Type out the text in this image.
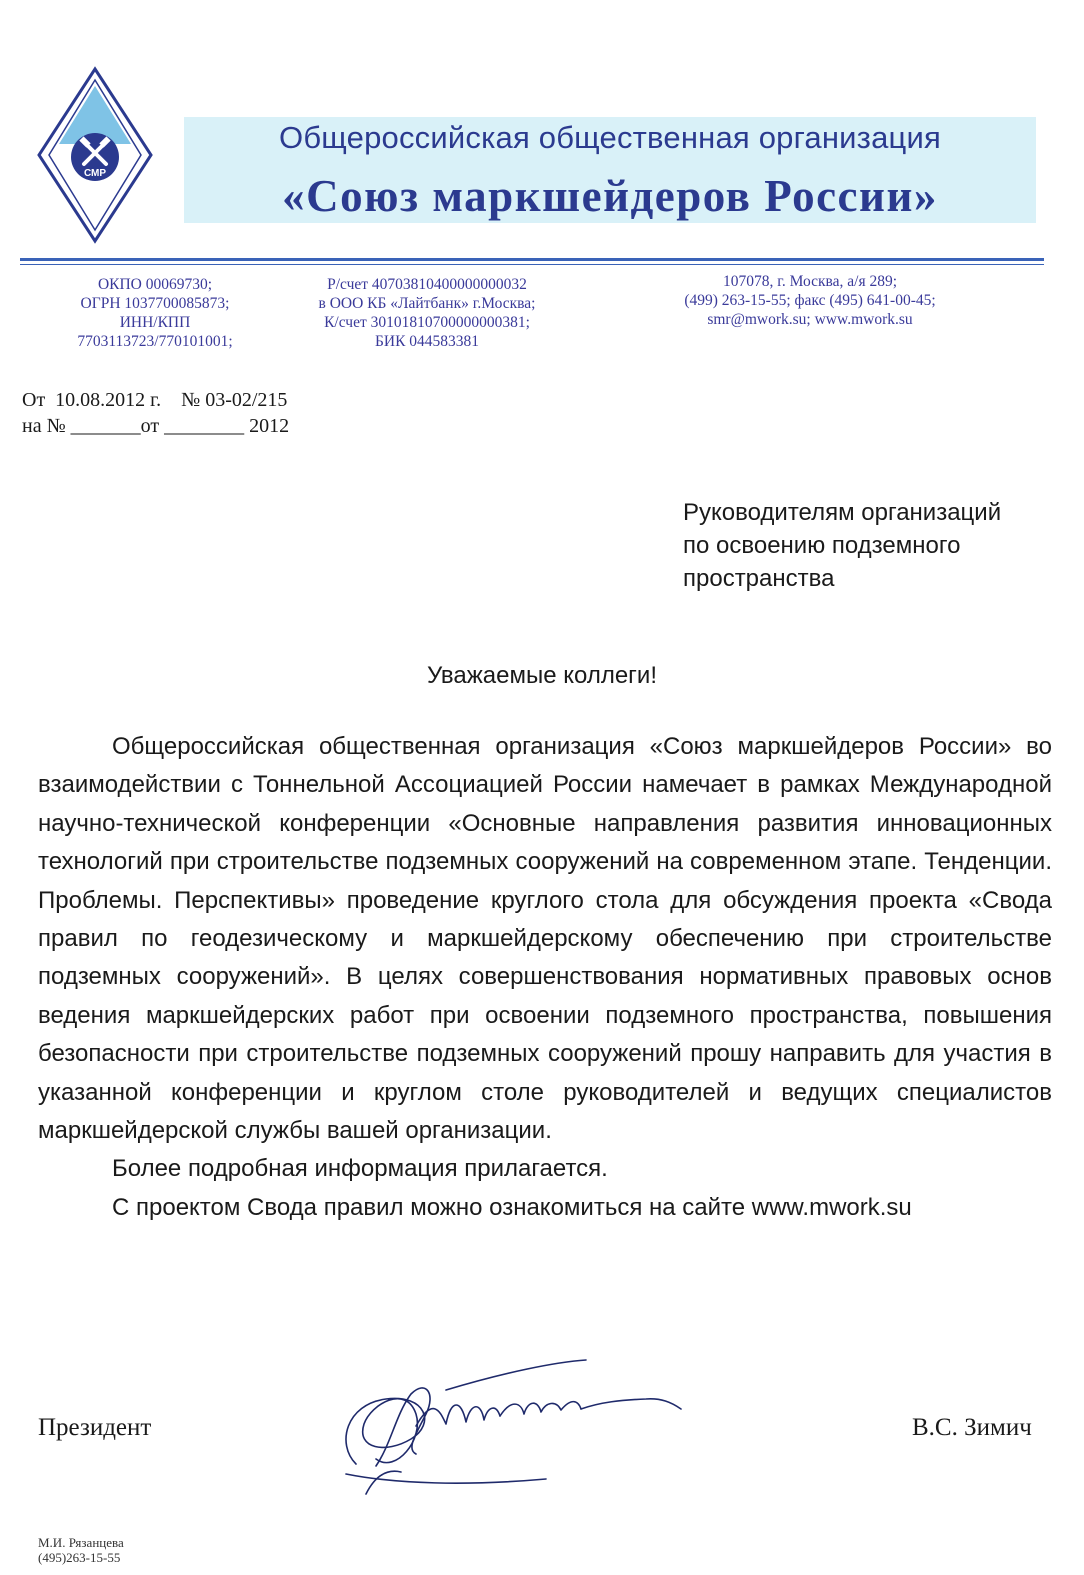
СМР
Общероссийская общественная организация
«Союз маркшейдеров России»
ОКПО 00069730;
ОГРН 1037700085873;
ИНН/КПП
7703113723/770101001;
Р/счет 40703810400000000032
в ООО КБ «Лайтбанк» г.Москва;
К/счет 30101810700000000381;
БИК 044583381
107078, г. Москва, а/я 289;
(499) 263-15-55; факс (495) 641-00-45;
smr@mwork.su; www.mwork.su
От  10.08.2012 г.    № 03-02/215
на № _______от ________ 2012
Руководителям организаций
по освоению подземного
пространства
Уважаемые коллеги!

Общероссийская общественная организация «Союз маркшейдеров России» во взаимодействии с Тоннельной Ассоциацией России намечает в рамках Международной научно-технической конференции «Основные направления развития инновационных технологий при строительстве подземных сооружений на современном этапе. Тенденции. Проблемы. Перспективы» проведение круглого стола для обсуждения проекта «Свода правил по геодезическому и маркшейдерскому обеспечению при строительстве подземных сооружений». В целях совершенствования нормативных правовых основ ведения маркшейдерских работ при освоении подземного пространства, повышения безопасности при строительстве подземных сооружений прошу направить для участия в указанной конференции и круглом столе руководителей и ведущих специалистов маркшейдерской службы вашей организации.

Более подробная информация прилагается.

С проектом Свода правил можно ознакомиться на сайте www.mwork.su

Президент	В.С. Зимич
М.И. Рязанцева
(495)263-15-55
